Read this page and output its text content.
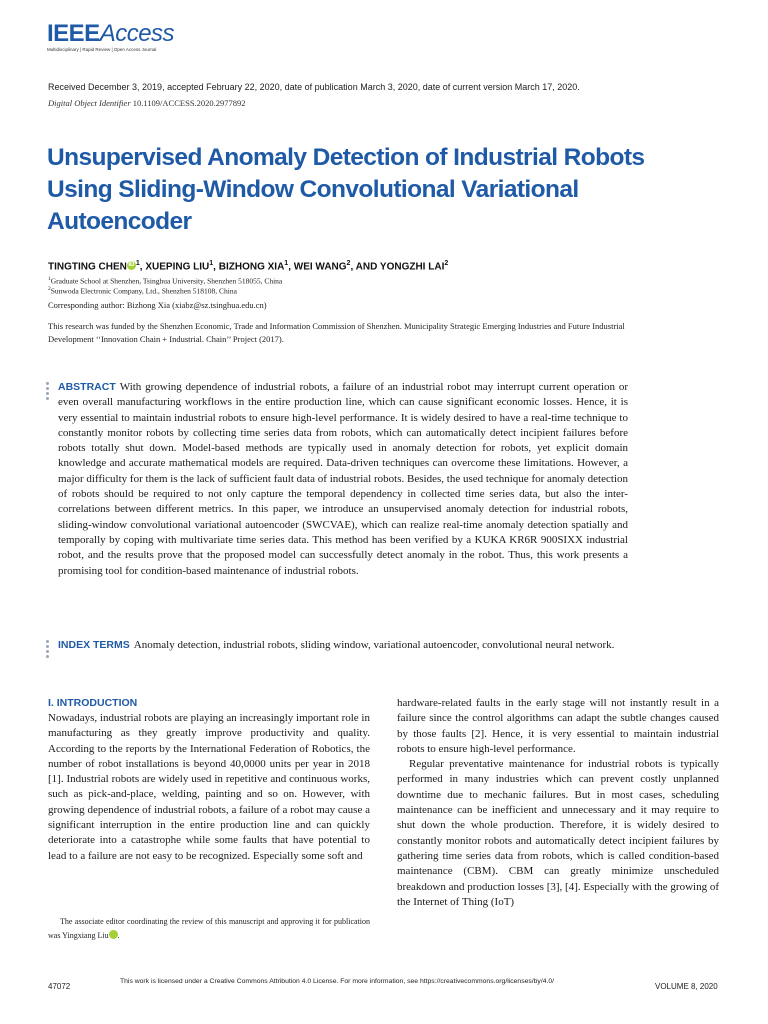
IEEEAccess
Multidisciplinary | Rapid Review | Open Access Journal
Received December 3, 2019, accepted February 22, 2020, date of publication March 3, 2020, date of current version March 17, 2020.
Digital Object Identifier 10.1109/ACCESS.2020.2977892
Unsupervised Anomaly Detection of Industrial Robots Using Sliding-Window Convolutional Variational Autoencoder
TINGTING CHEN iD $^1$, XUEPING LIU$^1$, BIZHONG XIA$^1$, WEI WANG$^2$, AND YONGZHI LAI$^2$
$^1$Graduate School at Shenzhen, Tsinghua University, Shenzhen 518055, China
$^2$Sunwoda Electronic Company, Ltd., Shenzhen 518108, China
Corresponding author: Bizhong Xia (xiabz@sz.tsinghua.edu.cn)
This research was funded by the Shenzhen Economic, Trade and Information Commission of Shenzhen. Municipality Strategic Emerging Industries and Future Industrial Development ‘‘Innovation Chain + Industrial. Chain’’ Project (2017).
ABSTRACT With growing dependence of industrial robots, a failure of an industrial robot may interrupt current operation or even overall manufacturing workflows in the entire production line, which can cause significant economic losses. Hence, it is very essential to maintain industrial robots to ensure high-level performance. It is widely desired to have a real-time technique to constantly monitor robots by collecting time series data from robots, which can automatically detect incipient failures before robots totally shut down. Model-based methods are typically used in anomaly detection for robots, yet explicit domain knowledge and accurate mathematical models are required. Data-driven techniques can overcome these limitations. However, a major difficulty for them is the lack of sufficient fault data of industrial robots. Besides, the used technique for anomaly detection of robots should be required to not only capture the temporal dependency in collected time series data, but also the inter-correlations between different metrics. In this paper, we introduce an unsupervised anomaly detection for industrial robots, sliding-window convolutional variational autoencoder (SWCVAE), which can realize real-time anomaly detection spatially and temporally by coping with multivariate time series data. This method has been verified by a KUKA KR6R 900SIXX industrial robot, and the results prove that the proposed model can successfully detect anomaly in the robot. Thus, this work presents a promising tool for condition-based maintenance of industrial robots.
INDEX TERMS Anomaly detection, industrial robots, sliding window, variational autoencoder, convolutional neural network.
I. INTRODUCTION

Nowadays, industrial robots are playing an increasingly important role in manufacturing as they greatly improve productivity and quality. According to the reports by the International Federation of Robotics, the number of robot installations is beyond 40,0000 units per year in 2018 [1]. Industrial robots are widely used in repetitive and continuous works, such as pick-and-place, welding, painting and so on. However, with growing dependence of industrial robots, a failure of a robot may cause a significant interruption in the entire production line and can quickly deteriorate into a catastrophe while some faults that have potential to lead to a failure are not easy to be recognized. Especially some soft and

hardware-related faults in the early stage will not instantly result in a failure since the control algorithms can adapt the subtle changes caused by those faults [2]. Hence, it is very essential to maintain industrial robots to ensure high-level performance.

Regular preventative maintenance for industrial robots is typically performed in many industries which can prevent costly unplanned downtime due to mechanic failures. But in most cases, scheduling maintenance can be inefficient and unnecessary and it may require to shut down the whole production. Therefore, it is widely desired to constantly monitor robots and automatically detect incipient failures by gathering time series data from robots, which is called condition-based maintenance (CBM). CBM can greatly minimize unscheduled breakdown and production losses [3], [4]. Especially with the growing of the Internet of Thing (IoT)

The associate editor coordinating the review of this manuscript and approving it for publication was Yingxiang Liu iD.

47072
This work is licensed under a Creative Commons Attribution 4.0 License. For more information, see https://creativecommons.org/licenses/by/4.0/
VOLUME 8, 2020
